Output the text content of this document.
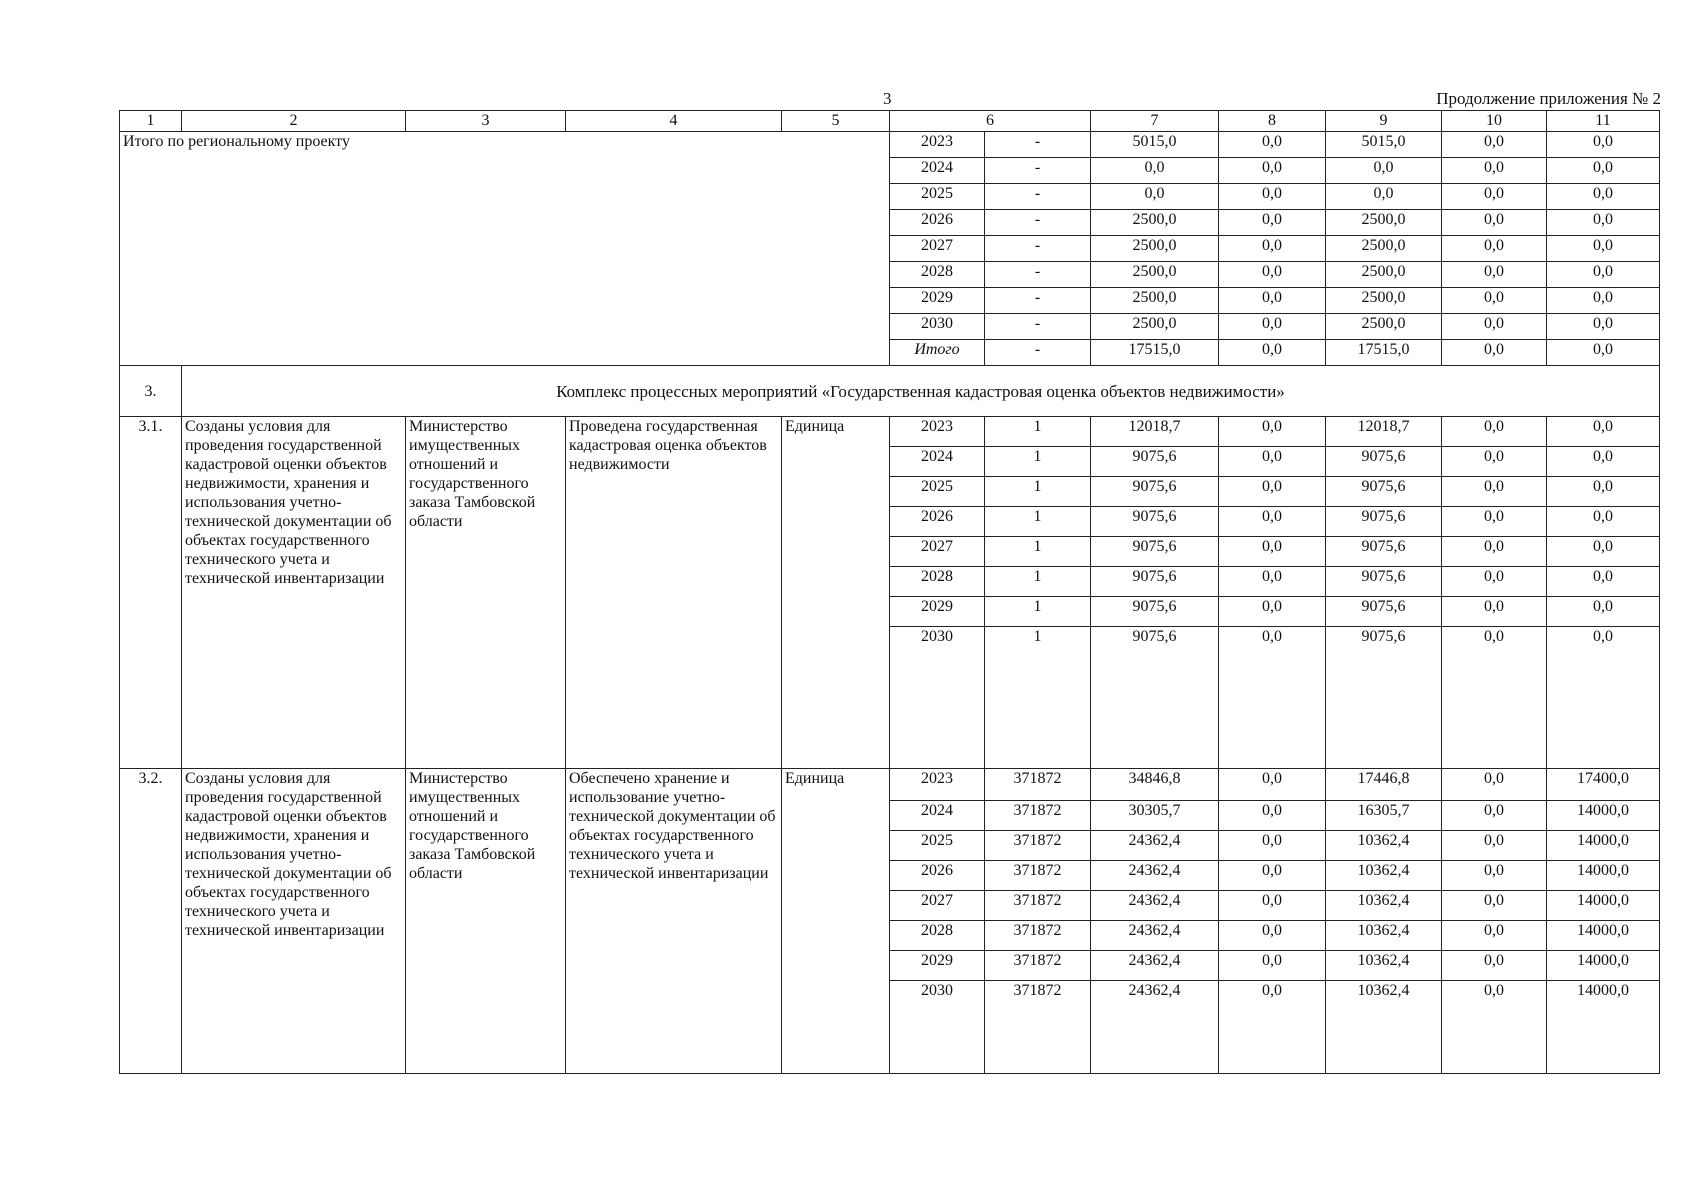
3	Продолжение приложения № 2
1	2	3	4	5	6		7	8	9	10	11
Итого по региональному проекту					2023	-	5015,0	0,0	5015,0	0,0	0,0
					2024	-	0,0	0,0	0,0	0,0	0,0
					2025	-	0,0	0,0	0,0	0,0	0,0
					2026	-	2500,0	0,0	2500,0	0,0	0,0
					2027	-	2500,0	0,0	2500,0	0,0	0,0
					2028	-	2500,0	0,0	2500,0	0,0	0,0
					2029	-	2500,0	0,0	2500,0	0,0	0,0
					2030	-	2500,0	0,0	2500,0	0,0	0,0
					Итого	-	17515,0	0,0	17515,0	0,0	0,0
3.	Комплекс процессных мероприятий «Государственная кадастровая оценка объектов недвижимости»										
3.1.	Созданы условия для проведения государственной кадастровой оценки объектов недвижимости, хранения и использования учетно-технической документации об объектах государственного технического учета и технической инвентаризации	Министерство имущественных отношений и государственного заказа Тамбовской области	Проведена государственная кадастровая оценка объектов недвижимости	Единица	2023	1	12018,7	0,0	12018,7	0,0	0,0
					2024	1	9075,6	0,0	9075,6	0,0	0,0
					2025	1	9075,6	0,0	9075,6	0,0	0,0
					2026	1	9075,6	0,0	9075,6	0,0	0,0
					2027	1	9075,6	0,0	9075,6	0,0	0,0
					2028	1	9075,6	0,0	9075,6	0,0	0,0
					2029	1	9075,6	0,0	9075,6	0,0	0,0
					2030	1	9075,6	0,0	9075,6	0,0	0,0

3.2.	Созданы условия для проведения государственной кадастровой оценки объектов недвижимости, хранения и использования учетно-технической документации об объектах государственного технического учета и технической инвентаризации	Министерство имущественных отношений и государственного заказа Тамбовской области	Обеспечено хранение и использование учетно-технической документации об объектах государственного технического учета и технической инвентаризации	Единица	2023	371872	34846,8	0,0	17446,8	0,0	17400,0
					2024	371872	30305,7	0,0	16305,7	0,0	14000,0
					2025	371872	24362,4	0,0	10362,4	0,0	14000,0
					2026	371872	24362,4	0,0	10362,4	0,0	14000,0
					2027	371872	24362,4	0,0	10362,4	0,0	14000,0
					2028	371872	24362,4	0,0	10362,4	0,0	14000,0
					2029	371872	24362,4	0,0	10362,4	0,0	14000,0
					2030	371872	24362,4	0,0	10362,4	0,0	14000,0
